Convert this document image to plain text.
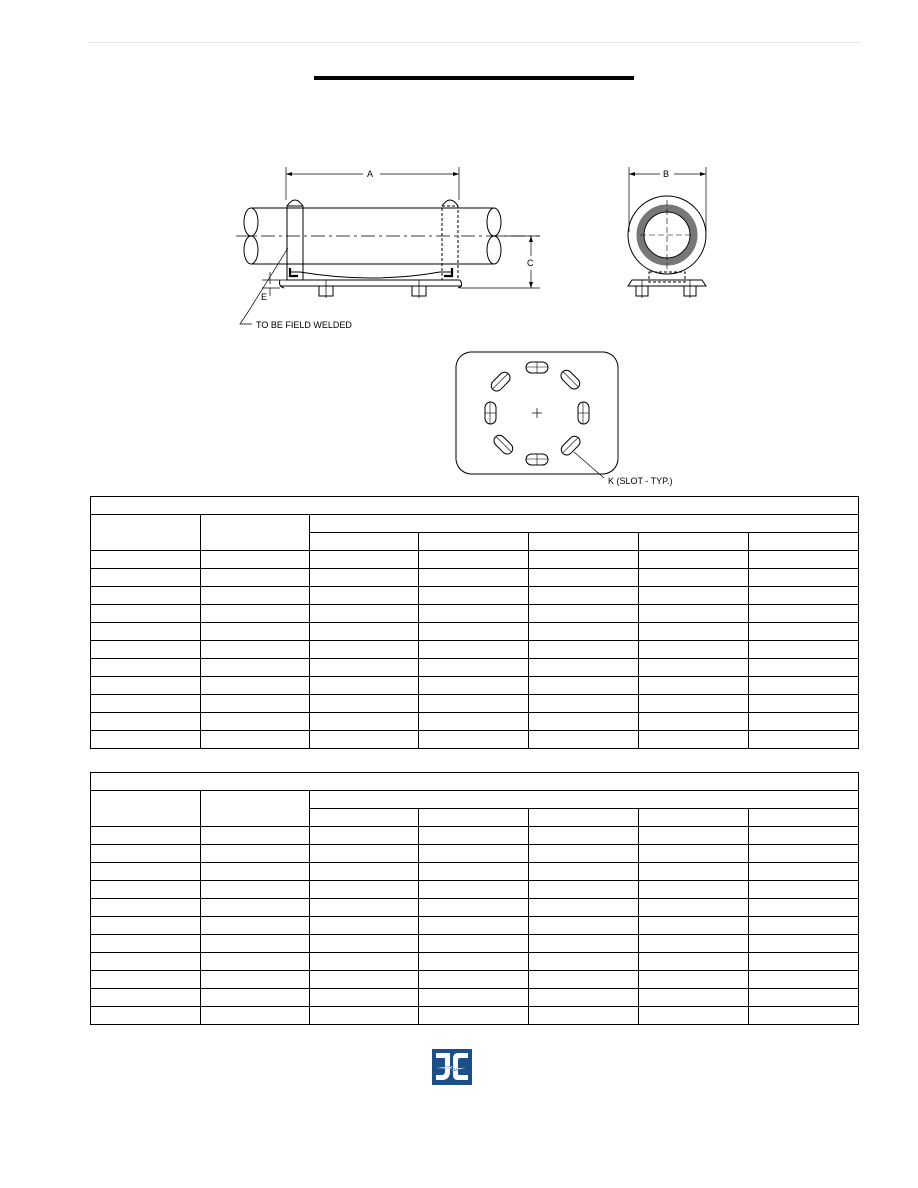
A
C
E
TO BE FIELD WELDED
B
K (SLOT - TYP.)
